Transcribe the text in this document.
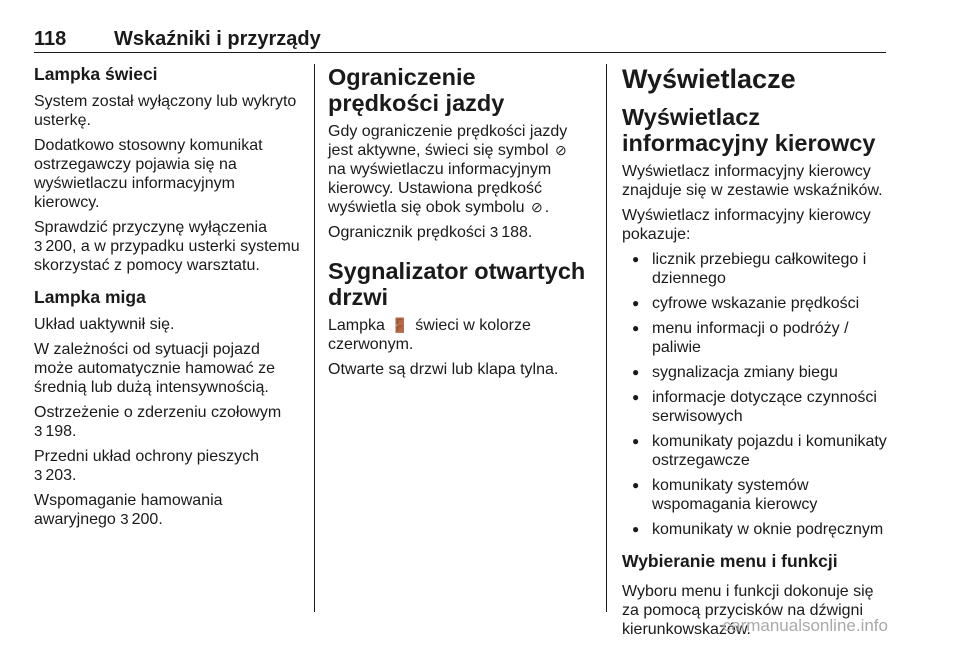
118 Wskaźniki i przyrządy
Lampka świeci

System został wyłączony lub wykryto usterkę.

Dodatkowo stosowny komunikat ostrzegawczy pojawia się na wyświetlaczu informacyjnym kierowcy.

Sprawdzić przyczynę wyłączenia
3 200, a w przypadku usterki systemu skorzystać z pomocy warsztatu.

Lampka miga

Układ uaktywnił się.

W zależności od sytuacji pojazd może automatycznie hamować ze średnią lub dużą intensywnością.

Ostrzeżenie o zderzeniu czołowym
3 198.

Przedni układ ochrony pieszych
3 203.

Wspomaganie hamowania awaryjnego 3 200.

Ograniczenie prędkości jazdy

Gdy ograniczenie prędkości jazdy jest aktywne, świeci się symbol ⊘ na wyświetlaczu informacyjnym kierowcy. Ustawiona prędkość wyświetla się obok symbolu ⊘ .

Ogranicznik prędkości 3 188.

Sygnalizator otwartych drzwi

Lampka 🚪 świeci w kolorze czerwonym.

Otwarte są drzwi lub klapa tylna.

Wyświetlacze
Wyświetlacz informacyjny kierowcy

Wyświetlacz informacyjny kierowcy znajduje się w zestawie wskaźników.

Wyświetlacz informacyjny kierowcy pokazuje:

● licznik przebiegu całkowitego i dziennego
● cyfrowe wskazanie prędkości
● menu informacji o podróży / paliwie
● sygnalizacja zmiany biegu
● informacje dotyczące czynności serwisowych
● komunikaty pojazdu i komunikaty ostrzegawcze
● komunikaty systemów wspomagania kierowcy
● komunikaty w oknie podręcznym
Wybieranie menu i funkcji

Wyboru menu i funkcji dokonuje się za pomocą przycisków na dźwigni kierunkowskazów.

carmanualsonline.info
